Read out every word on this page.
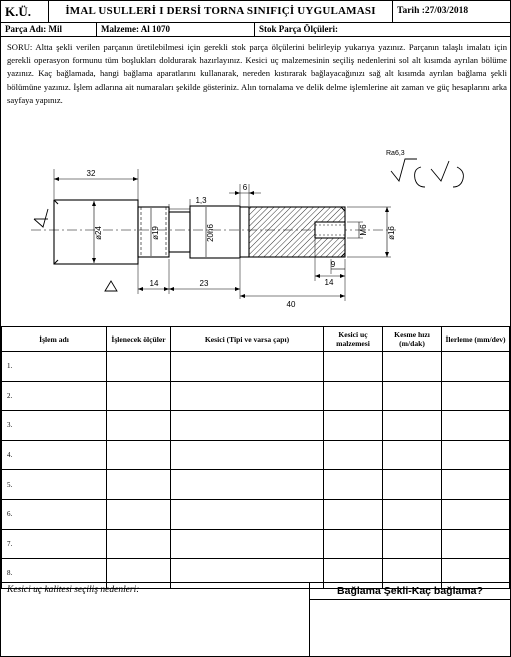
K.Ü.	İMAL USULLERİ I DERSİ TORNA SINIFIÇİ UYGULAMASI	Tarih :27/03/2018
Parça Adı: Mil	Malzeme: Al 1070	Stok Parça Ölçüleri:
SORU: Altta şekli verilen parçanın üretilebilmesi için gerekli stok parça ölçülerini belirleyip yukarıya yazınız. Parçanın talaşlı imalatı için gerekli operasyon formunu tüm boşlukları doldurarak hazırlayınız. Kesici uç malzemesinin seçiliş nedenlerini sol alt kısımda ayrılan bölüme yazınız. Kaç bağlamada, hangi bağlama aparatlarını kullanarak, nereden kıstırarak bağlayacağınızı sağ alt kısımda ayrılan bağlama şekli bölümüne yazınız. İşlem adlarına ait numaraları şekilde gösteriniz. Alın tornalama ve delik delme işlemlerine ait zaman ve güç hesaplarını arka sayfaya yapınız.
32
6
1,3
ø24	ø19	20h6	M6 ø16
9
14	23	14
40
Ra6,3
İşlem adı	İşlenecek ölçüler	Kesici (Tipi ve varsa çapı)	Kesici uç malzemesi	Kesme hızı (m/dak)	İlerleme (mm/dev)
1.					
2.					
3.					
4.					
5.					
6.					
7.					
8.					
Kesici uç kalitesi seçiliş nedenleri:	Bağlama Şekli-Kaç bağlama?
